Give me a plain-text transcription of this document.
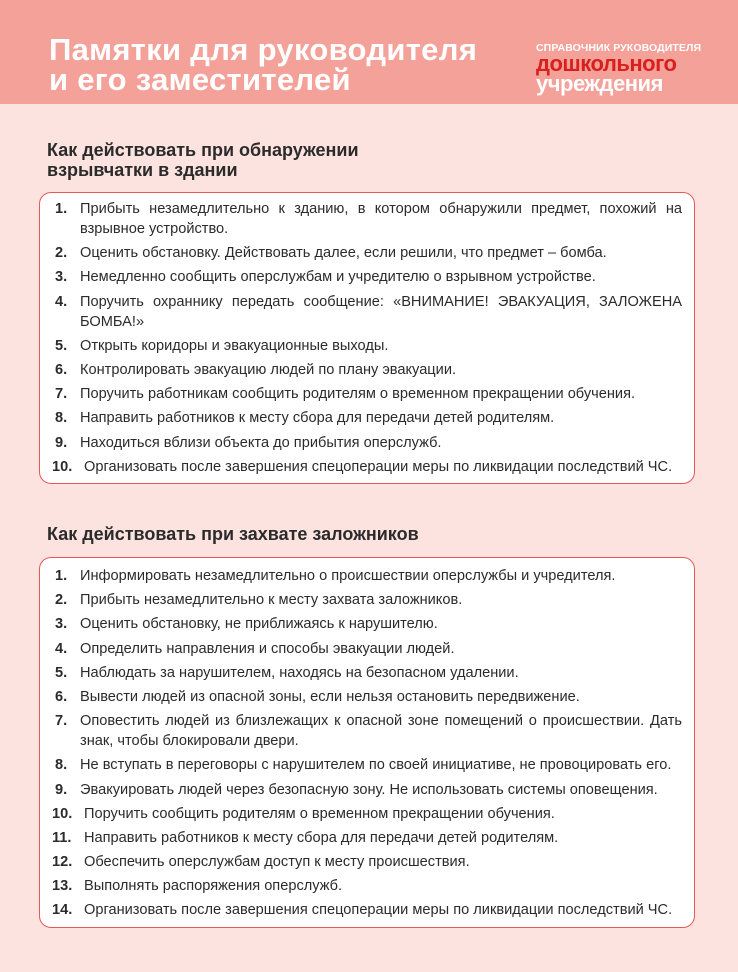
Памятки для руководителя
и его заместителей
СПРАВОЧНИК РУКОВОДИТЕЛЯ
дошкольного
учреждения
Как действовать при обнаружении
взрывчатки в здании
1. Прибыть незамедлительно к зданию, в котором обнаружили предмет, похожий на взрывное устройство.
2. Оценить обстановку. Действовать далее, если решили, что предмет – бомба.
3. Немедленно сообщить оперслужбам и учредителю о взрывном устройстве.
4. Поручить охраннику передать сообщение: «ВНИМАНИЕ! ЭВАКУАЦИЯ, ЗАЛОЖЕНА БОМБА!»
5. Открыть коридоры и эвакуационные выходы.
6. Контролировать эвакуацию людей по плану эвакуации.
7. Поручить работникам сообщить родителям о временном прекращении обучения.
8. Направить работников к месту сбора для передачи детей родителям.
9. Находиться вблизи объекта до прибытия оперслужб.
10. Организовать после завершения спецоперации меры по ликвидации последствий ЧС.
Как действовать при захвате заложников
1. Информировать незамедлительно о происшествии оперслужбы и учредителя.
2. Прибыть незамедлительно к месту захвата заложников.
3. Оценить обстановку, не приближаясь к нарушителю.
4. Определить направления и способы эвакуации людей.
5. Наблюдать за нарушителем, находясь на безопасном удалении.
6. Вывести людей из опасной зоны, если нельзя остановить передвижение.
7. Оповестить людей из близлежащих к опасной зоне помещений о происшествии. Дать знак, чтобы блокировали двери.
8. Не вступать в переговоры с нарушителем по своей инициативе, не провоцировать его.
9. Эвакуировать людей через безопасную зону. Не использовать системы оповещения.
10. Поручить сообщить родителям о временном прекращении обучения.
11. Направить работников к месту сбора для передачи детей родителям.
12. Обеспечить оперслужбам доступ к месту происшествия.
13. Выполнять распоряжения оперслужб.
14. Организовать после завершения спецоперации меры по ликвидации последствий ЧС.
